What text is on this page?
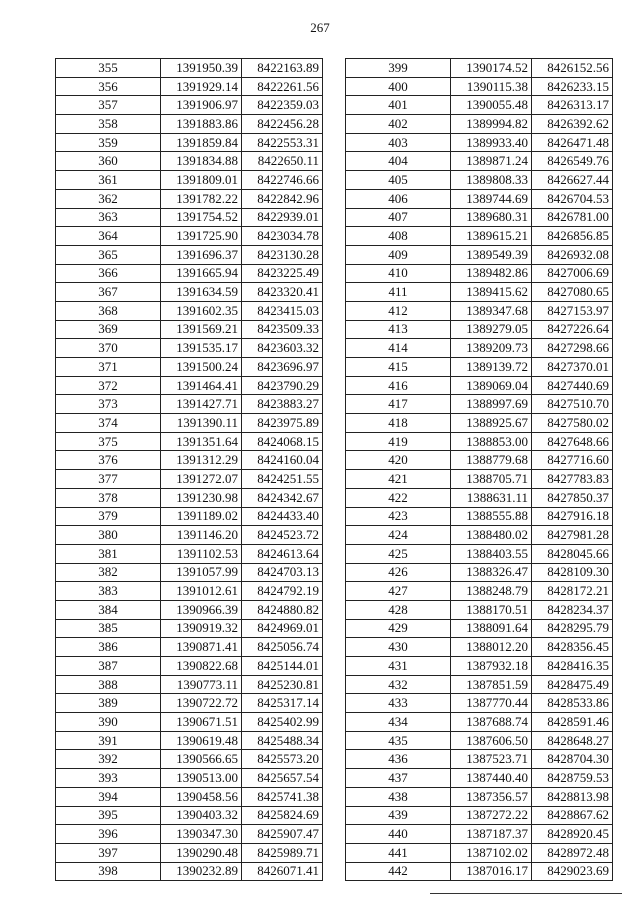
267
355	1391950.39	8422163.89
356	1391929.14	8422261.56
357	1391906.97	8422359.03
358	1391883.86	8422456.28
359	1391859.84	8422553.31
360	1391834.88	8422650.11
361	1391809.01	8422746.66
362	1391782.22	8422842.96
363	1391754.52	8422939.01
364	1391725.90	8423034.78
365	1391696.37	8423130.28
366	1391665.94	8423225.49
367	1391634.59	8423320.41
368	1391602.35	8423415.03
369	1391569.21	8423509.33
370	1391535.17	8423603.32
371	1391500.24	8423696.97
372	1391464.41	8423790.29
373	1391427.71	8423883.27
374	1391390.11	8423975.89
375	1391351.64	8424068.15
376	1391312.29	8424160.04
377	1391272.07	8424251.55
378	1391230.98	8424342.67
379	1391189.02	8424433.40
380	1391146.20	8424523.72
381	1391102.53	8424613.64
382	1391057.99	8424703.13
383	1391012.61	8424792.19
384	1390966.39	8424880.82
385	1390919.32	8424969.01
386	1390871.41	8425056.74
387	1390822.68	8425144.01
388	1390773.11	8425230.81
389	1390722.72	8425317.14
390	1390671.51	8425402.99
391	1390619.48	8425488.34
392	1390566.65	8425573.20
393	1390513.00	8425657.54
394	1390458.56	8425741.38
395	1390403.32	8425824.69
396	1390347.30	8425907.47
397	1390290.48	8425989.71
398	1390232.89	8426071.41
399	1390174.52	8426152.56
400	1390115.38	8426233.15
401	1390055.48	8426313.17
402	1389994.82	8426392.62
403	1389933.40	8426471.48
404	1389871.24	8426549.76
405	1389808.33	8426627.44
406	1389744.69	8426704.53
407	1389680.31	8426781.00
408	1389615.21	8426856.85
409	1389549.39	8426932.08
410	1389482.86	8427006.69
411	1389415.62	8427080.65
412	1389347.68	8427153.97
413	1389279.05	8427226.64
414	1389209.73	8427298.66
415	1389139.72	8427370.01
416	1389069.04	8427440.69
417	1388997.69	8427510.70
418	1388925.67	8427580.02
419	1388853.00	8427648.66
420	1388779.68	8427716.60
421	1388705.71	8427783.83
422	1388631.11	8427850.37
423	1388555.88	8427916.18
424	1388480.02	8427981.28
425	1388403.55	8428045.66
426	1388326.47	8428109.30
427	1388248.79	8428172.21
428	1388170.51	8428234.37
429	1388091.64	8428295.79
430	1388012.20	8428356.45
431	1387932.18	8428416.35
432	1387851.59	8428475.49
433	1387770.44	8428533.86
434	1387688.74	8428591.46
435	1387606.50	8428648.27
436	1387523.71	8428704.30
437	1387440.40	8428759.53
438	1387356.57	8428813.98
439	1387272.22	8428867.62
440	1387187.37	8428920.45
441	1387102.02	8428972.48
442	1387016.17	8429023.69
